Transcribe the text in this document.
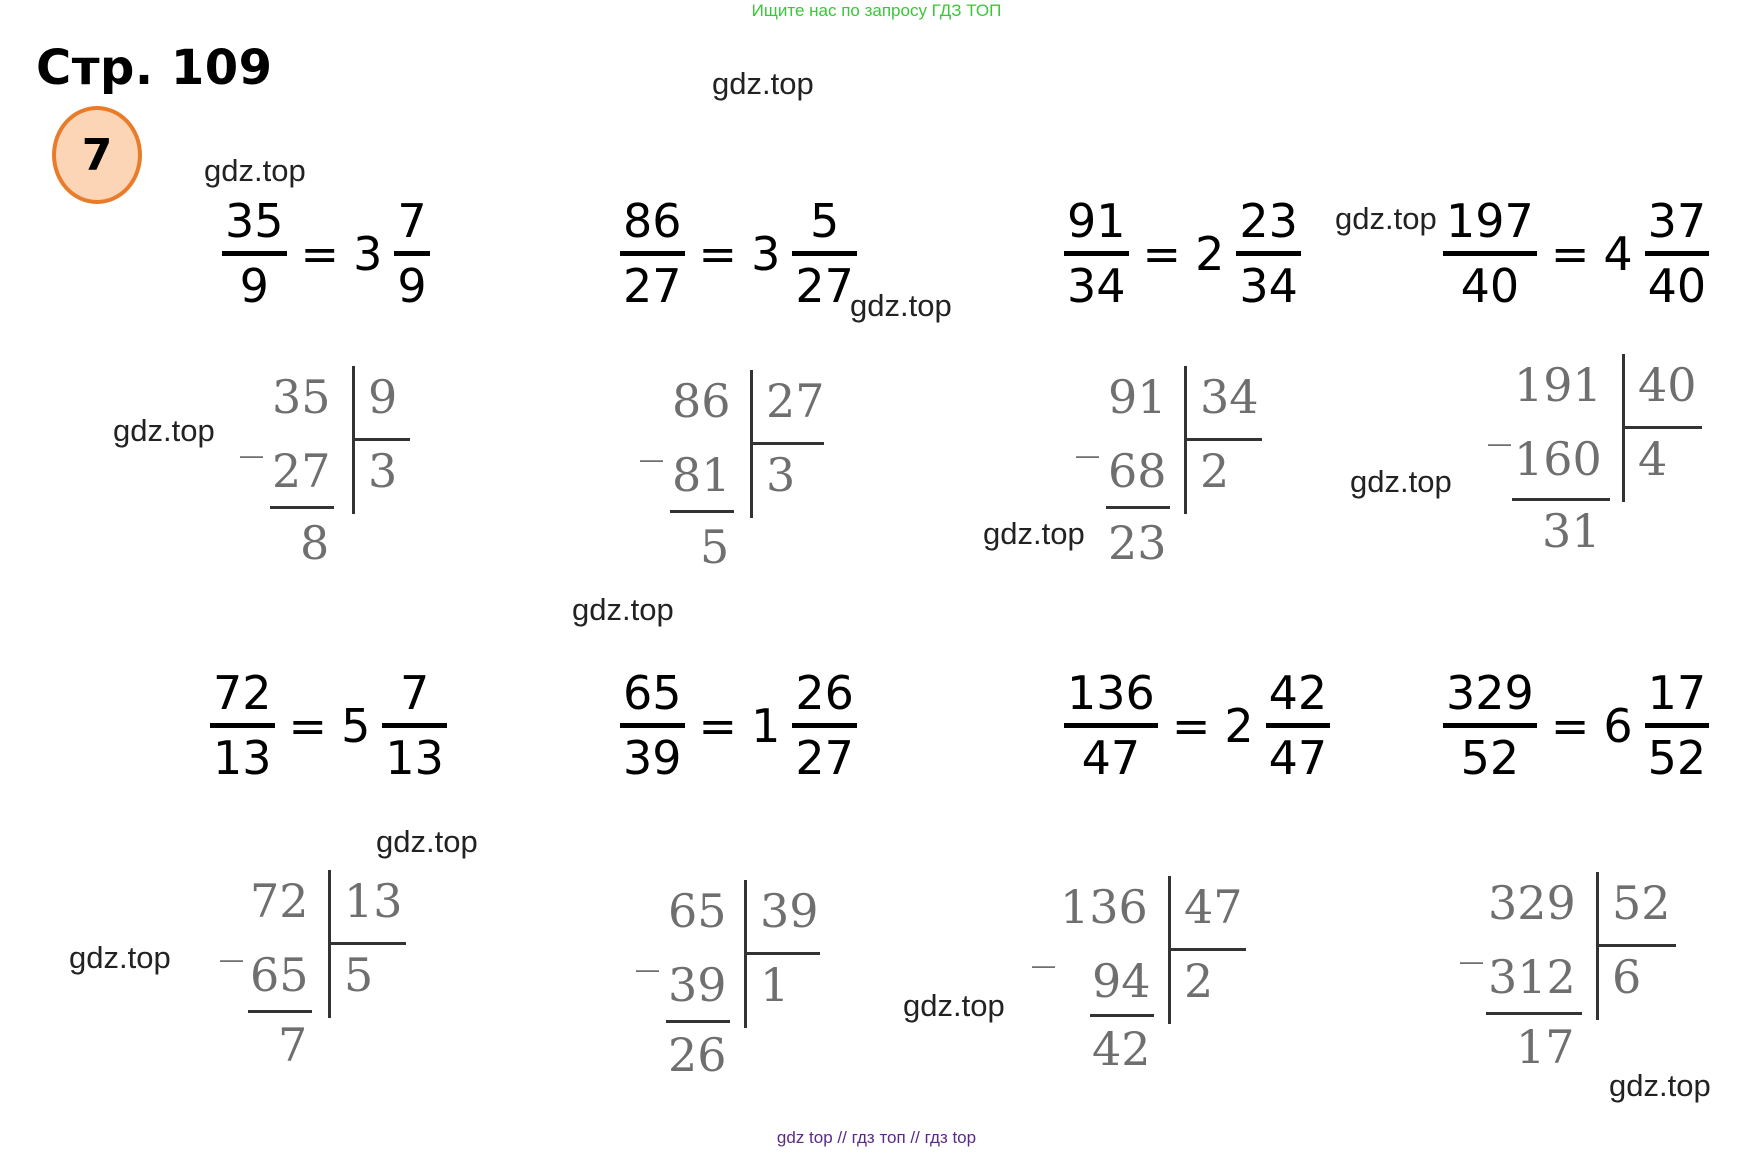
Ищите нас по запросу ГДЗ ТОП
Стр. 109
7
gdz.top
gdz.top
gdz.top
gdz.top
gdz.top
gdz.top
gdz.top
gdz.top
gdz.top
gdz.top
gdz.top
gdz.top
35
9
= 3
7
9
86
27
= 3
5
27
91
34
= 2
23
34
197
40
= 4
37
40
72
13
= 5
7
13
65
39
= 1
26
27
136
47
= 2
42
47
329
52
= 6
17
52
_
35 9
27 3
8
_
86 27
81 3
5
_
91 34
68 2
23
_
191 40
160 4
31
_
72 13
65 5
7
_
65 39
39 1
26
_
136 47
94 2
42
_
329 52
312 6
17
gdz top // гдз топ // гдз top
